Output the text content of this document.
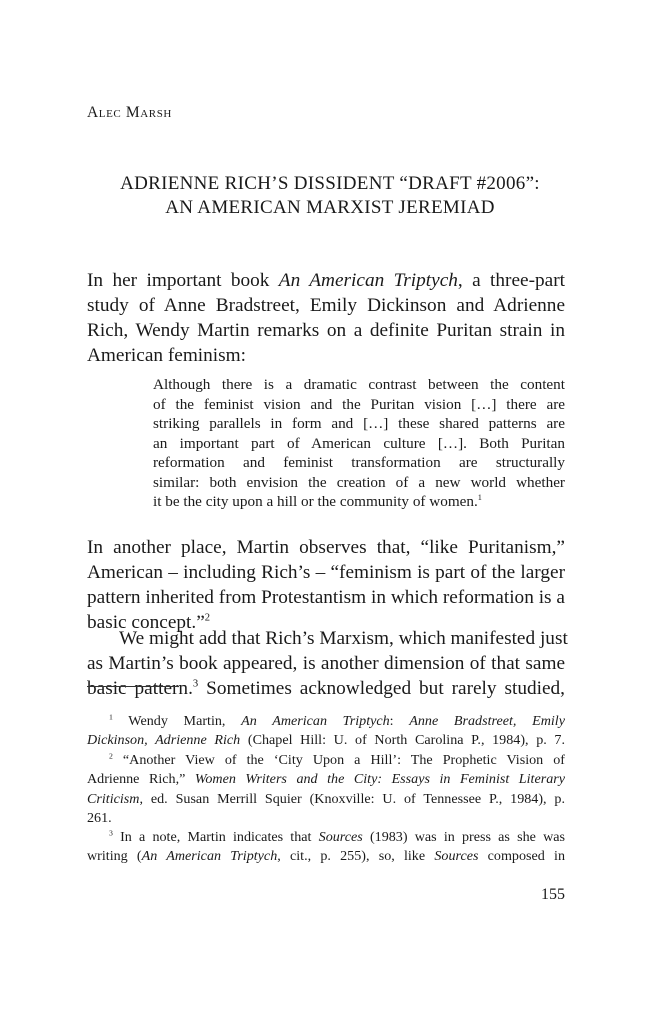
Alec Marsh
ADRIENNE RICH’S DISSIDENT “DRAFT #2006”:
AN AMERICAN MARXIST JEREMIAD
In her important book An American Triptych, a three-part
study of Anne Bradstreet, Emily Dickinson and Adrienne
Rich, Wendy Martin remarks on a definite Puritan strain in
American feminism:
Although there is a dramatic contrast between the content
of the feminist vision and the Puritan vision […] there are
striking parallels in form and […] these shared patterns are
an important part of American culture […]. Both Puritan
reformation and feminist transformation are structurally
similar: both envision the creation of a new world whether
it be the city upon a hill or the community of women.$^1$
In another place, Martin observes that, “like Puritanism,”
American – including Rich’s – “feminism is part of the larger
pattern inherited from Protestantism in which reformation is a
basic concept.”$^2$
We might add that Rich’s Marxism, which manifested just
as Martin’s book appeared, is another dimension of that same
basic pattern.$^3$ Sometimes acknowledged but rarely studied,
$^1$ Wendy Martin, An American Triptych: Anne Bradstreet, Emily
Dickinson, Adrienne Rich (Chapel Hill: U. of North Carolina P., 1984), p. 7.
$^2$ “Another View of the ‘City Upon a Hill’: The Prophetic Vision of
Adrienne Rich,” Women Writers and the City: Essays in Feminist Literary
Criticism, ed. Susan Merrill Squier (Knoxville: U. of Tennessee P., 1984), p.
261.
$^3$ In a note, Martin indicates that Sources (1983) was in press as she was
writing (An American Triptych, cit., p. 255), so, like Sources composed in
155
